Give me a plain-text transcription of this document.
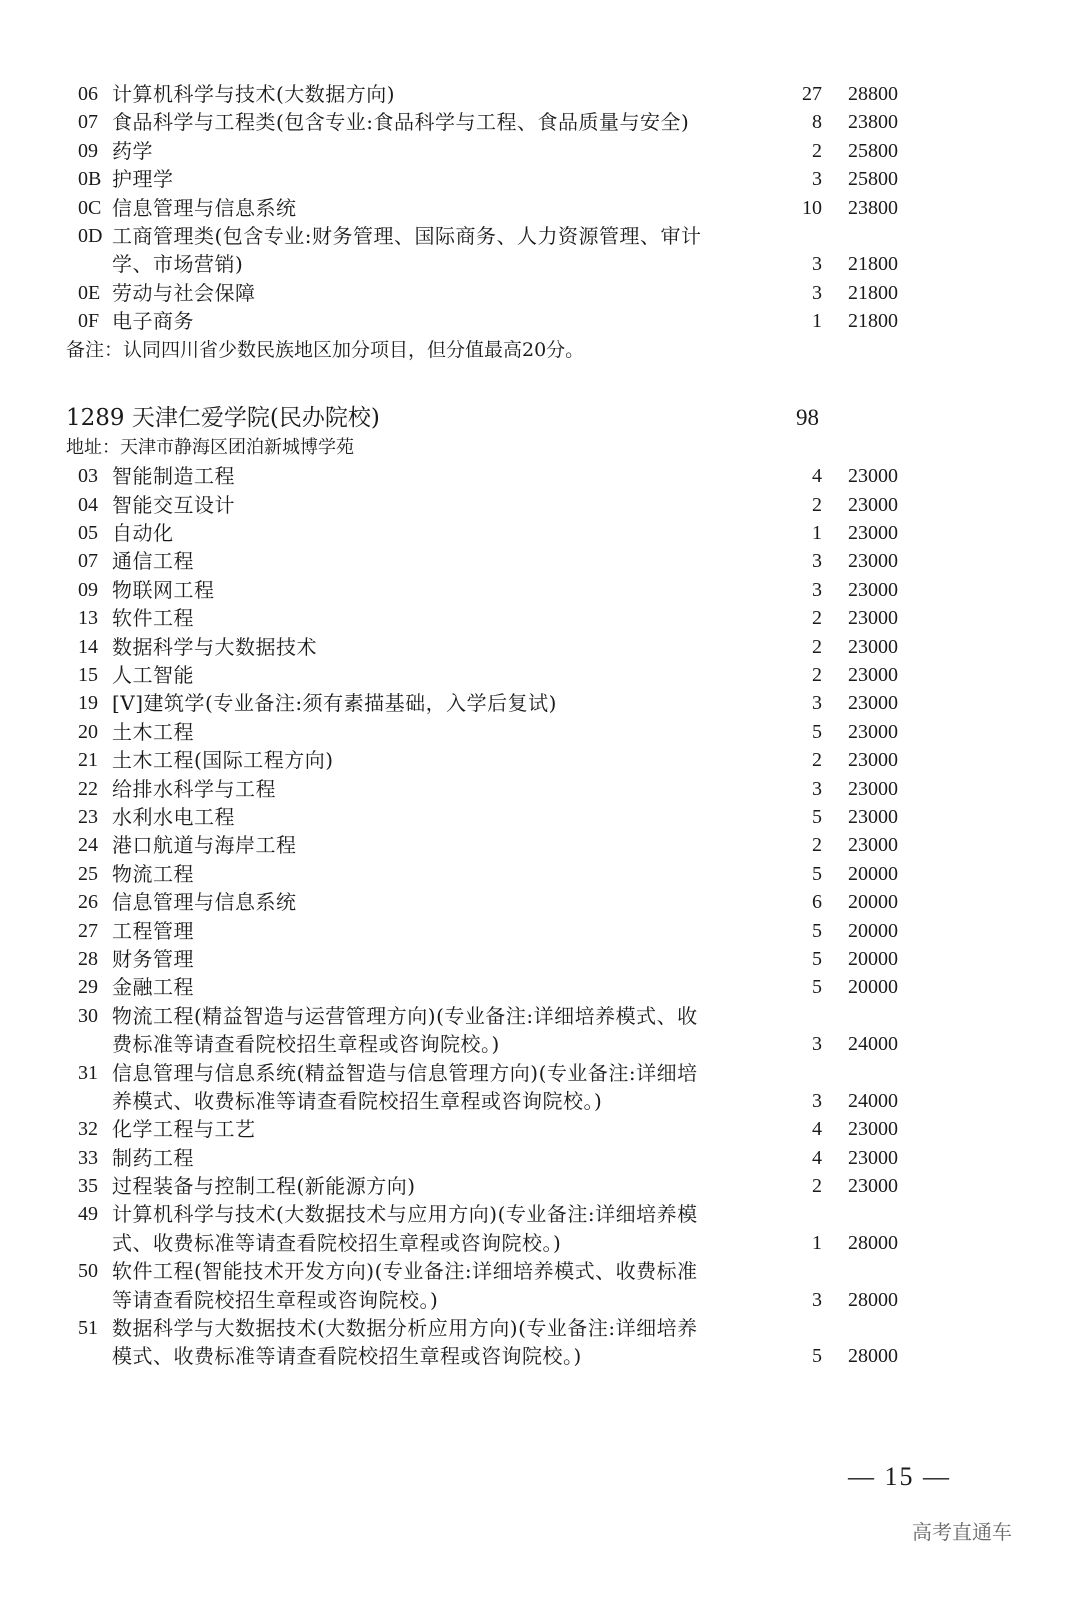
06 计算机科学与技术(大数据方向)	27 28800
07 食品科学与工程类(包含专业:食品科学与工程、食品质量与安全)	8 23800
09 药学	2 25800
0B 护理学	3 25800
0C 信息管理与信息系统	10 23800
0D 工商管理类(包含专业:财务管理、国际商务、人力资源管理、审计
学、市场营销)	3 21800
0E 劳动与社会保障	3 21800
0F 电子商务	1 21800
备注：认同四川省少数民族地区加分项目，但分值最高20分。
1289 天津仁爱学院(民办院校)	98
地址：天津市静海区团泊新城博学苑
03 智能制造工程	4 23000
04 智能交互设计	2 23000
05 自动化	1 23000
07 通信工程	3 23000
09 物联网工程	3 23000
13 软件工程	2 23000
14 数据科学与大数据技术	2 23000
15 人工智能	2 23000
19 [V]建筑学(专业备注:须有素描基础，入学后复试)	3 23000
20 土木工程	5 23000
21 土木工程(国际工程方向)	2 23000
22 给排水科学与工程	3 23000
23 水利水电工程	5 23000
24 港口航道与海岸工程	2 23000
25 物流工程	5 20000
26 信息管理与信息系统	6 20000
27 工程管理	5 20000
28 财务管理	5 20000
29 金融工程	5 20000
30 物流工程(精益智造与运营管理方向)(专业备注:详细培养模式、收
费标准等请查看院校招生章程或咨询院校。)	3 24000
31 信息管理与信息系统(精益智造与信息管理方向)(专业备注:详细培
养模式、收费标准等请查看院校招生章程或咨询院校。)	3 24000
32 化学工程与工艺	4 23000
33 制药工程	4 23000
35 过程装备与控制工程(新能源方向)	2 23000
49 计算机科学与技术(大数据技术与应用方向)(专业备注:详细培养模
式、收费标准等请查看院校招生章程或咨询院校。)	1 28000
50 软件工程(智能技术开发方向)(专业备注:详细培养模式、收费标准
等请查看院校招生章程或咨询院校。)	3 28000
51 数据科学与大数据技术(大数据分析应用方向)(专业备注:详细培养
模式、收费标准等请查看院校招生章程或咨询院校。)	5 28000
— 15 —
高考直通车
